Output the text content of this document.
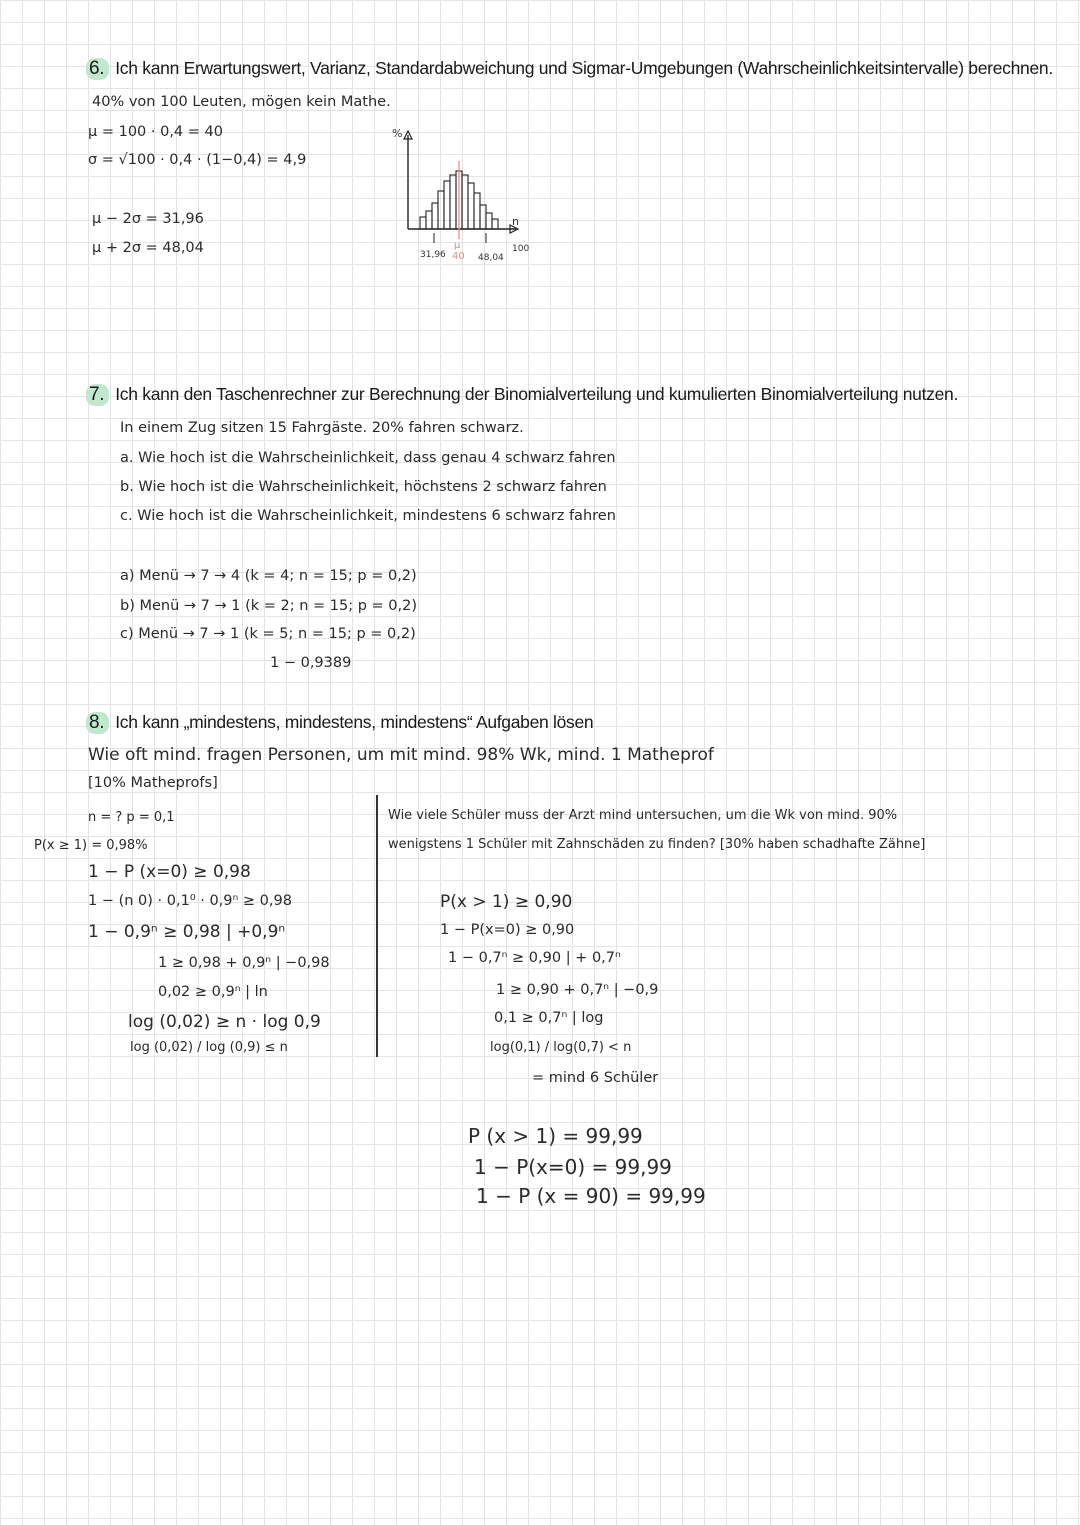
6. Ich kann Erwartungswert, Varianz, Standardabweichung und Sigmar-Umgebungen (Wahrscheinlichkeitsintervalle) berechnen.
40% von 100 Leuten, mögen kein Mathe.
μ = 100 · 0,4 = 40
σ = √100 · 0,4 · (1−0,4) = 4,9
μ − 2σ = 31,96
μ + 2σ = 48,04
%
n
100
31,96
μ
40 48,04
7. Ich kann den Taschenrechner zur Berechnung der Binomialverteilung und kumulierten Binomialverteilung nutzen.
In einem Zug sitzen 15 Fahrgäste. 20% fahren schwarz.
a. Wie hoch ist die Wahrscheinlichkeit, dass genau 4 schwarz fahren
b. Wie hoch ist die Wahrscheinlichkeit, höchstens 2 schwarz fahren
c. Wie hoch ist die Wahrscheinlichkeit, mindestens 6 schwarz fahren
a) Menü → 7 → 4 (k = 4; n = 15; p = 0,2)
b) Menü → 7 → 1 (k = 2; n = 15; p = 0,2)
c) Menü → 7 → 1 (k = 5; n = 15; p = 0,2)
1 − 0,9389
8. Ich kann „mindestens, mindestens, mindestens“ Aufgaben lösen
Wie oft mind. fragen Personen, um mit mind. 98% Wk, mind. 1 Matheprof
[10% Matheprofs]
n = ? p = 0,1
P(x ≥ 1) = 0,98%
1 − P (x=0) ≥ 0,98
1 − (n 0) · 0,1⁰ · 0,9ⁿ ≥ 0,98
1 − 0,9ⁿ ≥ 0,98 | +0,9ⁿ
1 ≥ 0,98 + 0,9ⁿ | −0,98
0,02 ≥ 0,9ⁿ | ln
log (0,02) ≥ n · log 0,9
log (0,02) / log (0,9) ≤ n
Wie viele Schüler muss der Arzt mind untersuchen, um die Wk von mind. 90%
wenigstens 1 Schüler mit Zahnschäden zu finden? [30% haben schadhafte Zähne]
P(x > 1) ≥ 0,90
1 − P(x=0) ≥ 0,90
1 − 0,7ⁿ ≥ 0,90 | + 0,7ⁿ
1 ≥ 0,90 + 0,7ⁿ | −0,9
0,1 ≥ 0,7ⁿ | log
log(0,1) / log(0,7) < n
= mind 6 Schüler
P (x > 1) = 99,99
1 − P(x=0) = 99,99
1 − P (x = 90) = 99,99
